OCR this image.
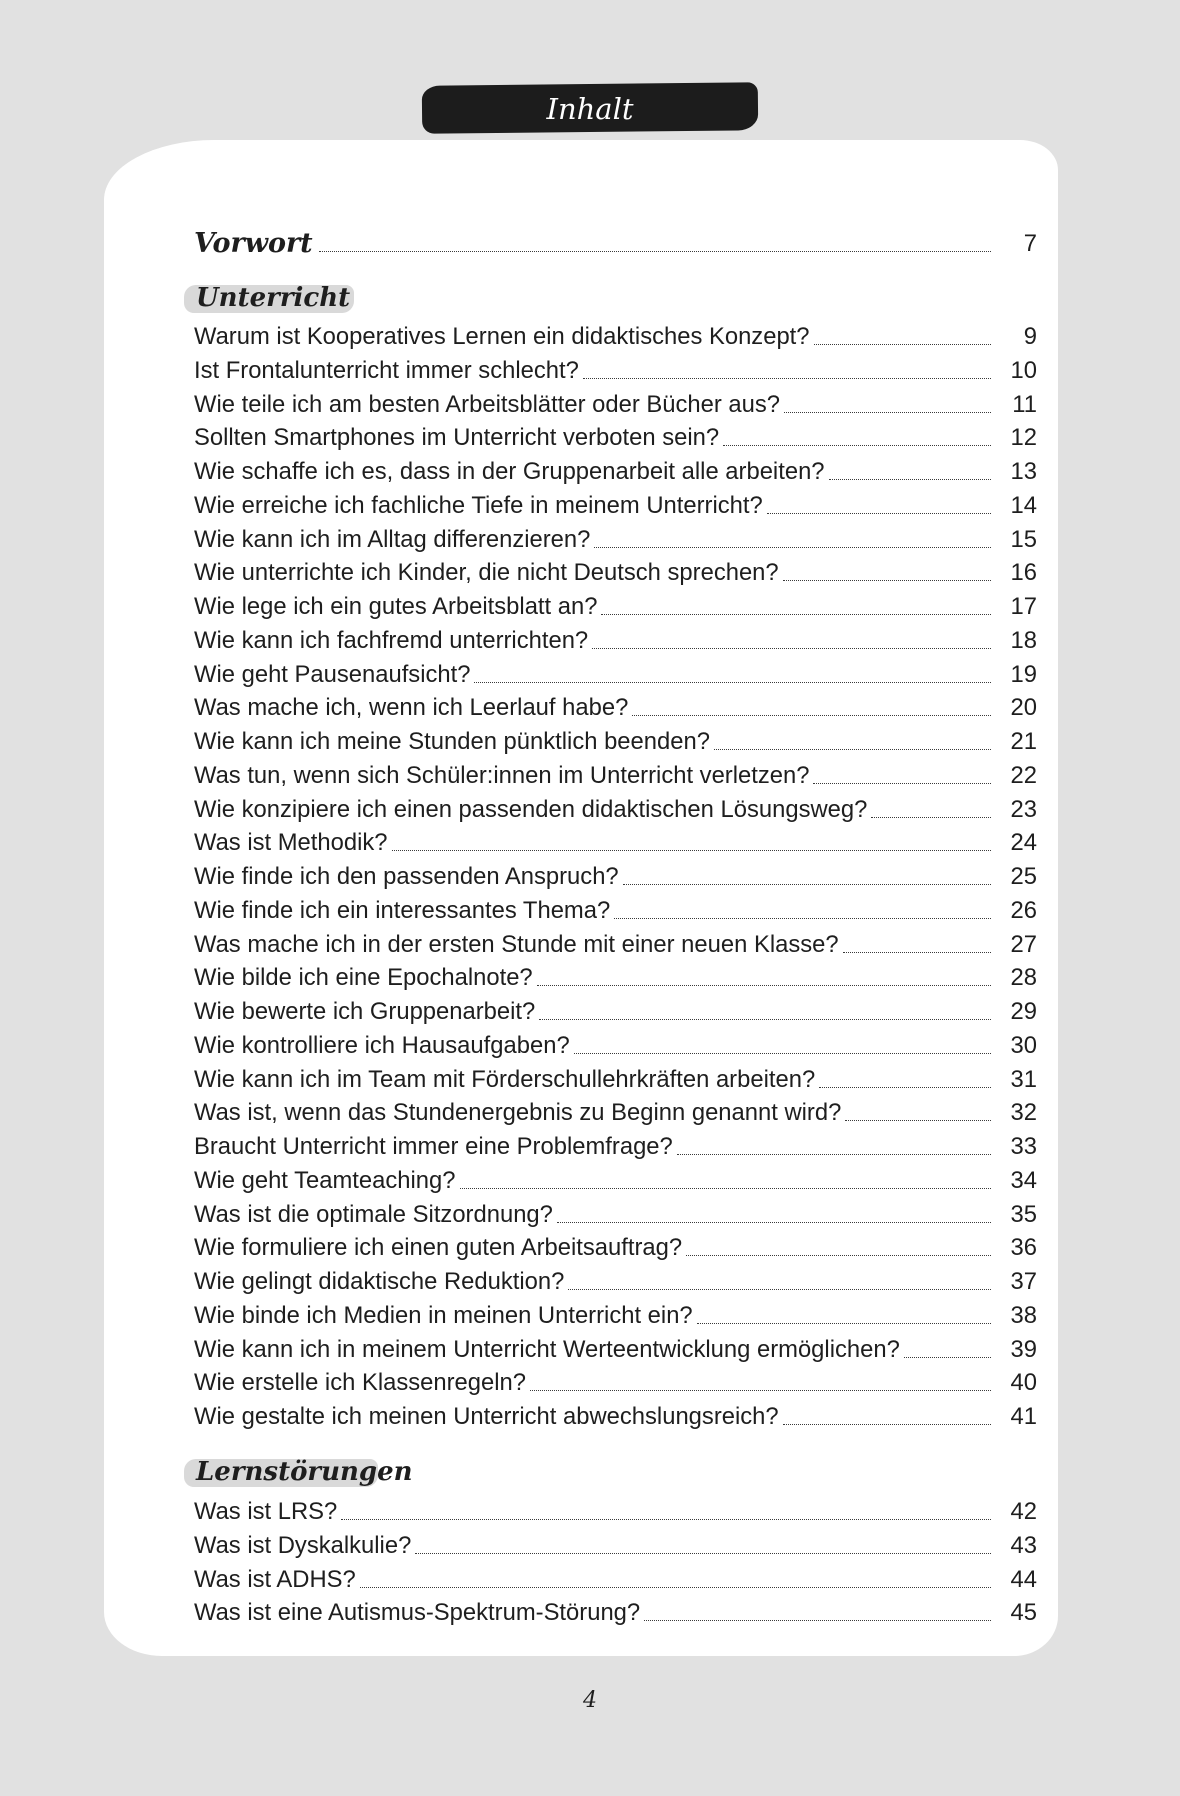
Inhalt
Vorwort	7
Unterricht
Warum ist Kooperatives Lernen ein didaktisches Konzept?	9
Ist Frontalunterricht immer schlecht?	10
Wie teile ich am besten Arbeitsblätter oder Bücher aus?	11
Sollten Smartphones im Unterricht verboten sein?	12
Wie schaffe ich es, dass in der Gruppenarbeit alle arbeiten?	13
Wie erreiche ich fachliche Tiefe in meinem Unterricht?	14
Wie kann ich im Alltag differenzieren?	15
Wie unterrichte ich Kinder, die nicht Deutsch sprechen?	16
Wie lege ich ein gutes Arbeitsblatt an?	17
Wie kann ich fachfremd unterrichten?	18
Wie geht Pausenaufsicht?	19
Was mache ich, wenn ich Leerlauf habe?	20
Wie kann ich meine Stunden pünktlich beenden?	21
Was tun, wenn sich Schüler:innen im Unterricht verletzen?	22
Wie konzipiere ich einen passenden didaktischen Lösungsweg?	23
Was ist Methodik?	24
Wie finde ich den passenden Anspruch?	25
Wie finde ich ein interessantes Thema?	26
Was mache ich in der ersten Stunde mit einer neuen Klasse?	27
Wie bilde ich eine Epochalnote?	28
Wie bewerte ich Gruppenarbeit?	29
Wie kontrolliere ich Hausaufgaben?	30
Wie kann ich im Team mit Förderschullehrkräften arbeiten?	31
Was ist, wenn das Stundenergebnis zu Beginn genannt wird?	32
Braucht Unterricht immer eine Problemfrage?	33
Wie geht Teamteaching?	34
Was ist die optimale Sitzordnung?	35
Wie formuliere ich einen guten Arbeitsauftrag?	36
Wie gelingt didaktische Reduktion?	37
Wie binde ich Medien in meinen Unterricht ein?	38
Wie kann ich in meinem Unterricht Werteentwicklung ermöglichen?	39
Wie erstelle ich Klassenregeln?	40
Wie gestalte ich meinen Unterricht abwechslungsreich?	41
Lernstörungen
Was ist LRS?	42
Was ist Dyskalkulie?	43
Was ist ADHS?	44
Was ist eine Autismus-Spektrum-Störung?	45
4
